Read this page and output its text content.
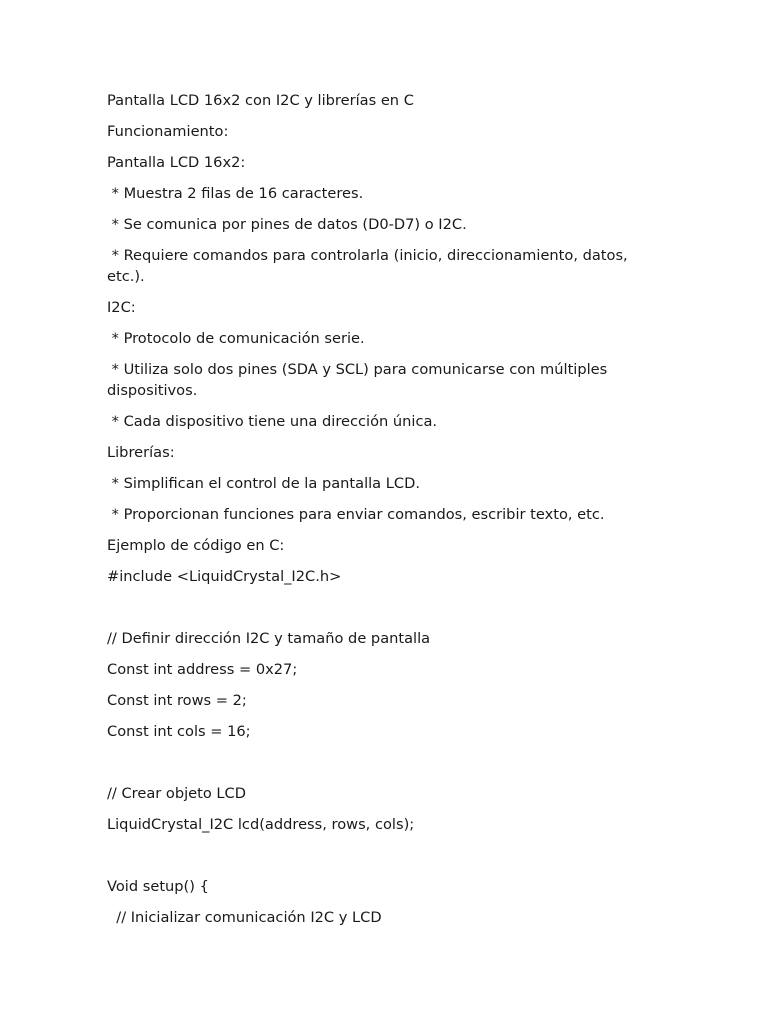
Pantalla LCD 16x2 con I2C y librerías en C

Funcionamiento:

Pantalla LCD 16x2:

* Muestra 2 filas de 16 caracteres.

* Se comunica por pines de datos (D0-D7) o I2C.

* Requiere comandos para controlarla (inicio, direccionamiento, datos, etc.).

I2C:

* Protocolo de comunicación serie.

* Utiliza solo dos pines (SDA y SCL) para comunicarse con múltiples dispositivos.

* Cada dispositivo tiene una dirección única.

Librerías:

* Simplifican el control de la pantalla LCD.

* Proporcionan funciones para enviar comandos, escribir texto, etc.

Ejemplo de código en C:

#include <LiquidCrystal_I2C.h>

// Definir dirección I2C y tamaño de pantalla

Const int address = 0x27;

Const int rows = 2;

Const int cols = 16;

// Crear objeto LCD

LiquidCrystal_I2C lcd(address, rows, cols);

Void setup() {

// Inicializar comunicación I2C y LCD
